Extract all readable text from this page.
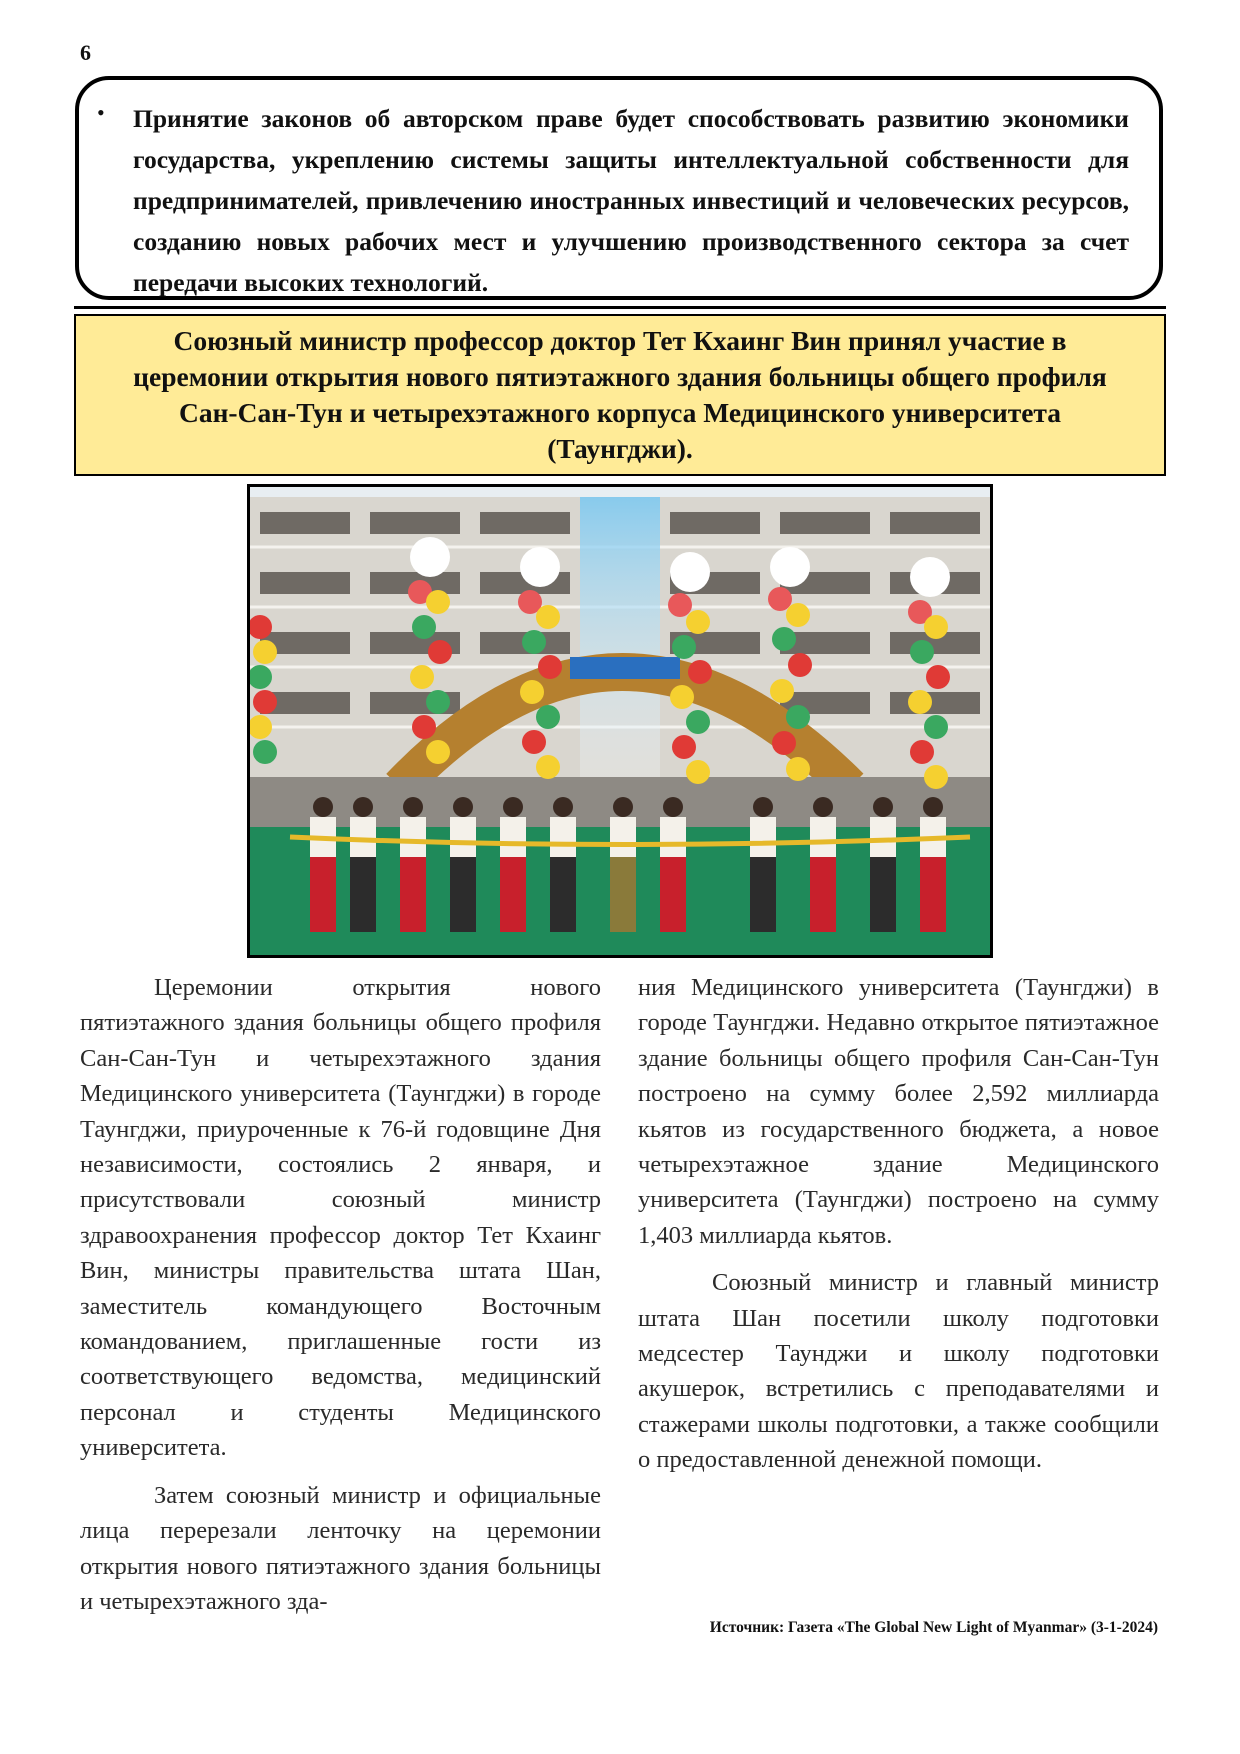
6
• Принятие законов об авторском праве будет способствовать развитию экономики государства, укреплению системы защиты интеллектуальной собственности для предпринимателей, привлечению иностранных инвестиций и человеческих ресурсов, созданию новых рабочих мест и улучшению производственного сектора за счет передачи высоких технологий.

Союзный министр профессор доктор Тет Кхаинг Вин принял участие в церемонии открытия нового пятиэтажного здания больницы общего профиля Сан-Сан-Тун и четырехэтажного корпуса Медицинского университета (Таунгджи).

Церемонии открытия нового пятиэтажного здания больницы общего профиля Сан-Сан-Тун и четырехэтажного здания Медицинского университета (Таунгджи) в городе Таунгджи, приуроченные к 76-й годовщине Дня независимости, состоялись 2 января, и присутствовали союзный министр здравоохранения профессор доктор Тет Кхаинг Вин, министры правительства штата Шан, заместитель командующего Восточным командованием, приглашенные гости из соответствующего ведомства, медицинский персонал и студенты Медицинского университета.

Затем союзный министр и официальные лица перерезали ленточку на церемонии открытия нового пятиэтажного здания больницы и четырехэтажного зда-

ния Медицинского университета (Таунгджи) в городе Таунгджи. Недавно открытое пятиэтажное здание больницы общего профиля Сан-Сан-Тун построено на сумму более 2,592 миллиарда кьятов из государственного бюджета, а новое четырехэтажное здание Медицинского университета (Таунгджи) построено на сумму 1,403 миллиарда кьятов.

Союзный министр и главный министр штата Шан посетили школу подготовки медсестер Таунджи и школу подготовки акушерок, встретились с преподавателями и стажерами школы подготовки, а также сообщили о предоставленной денежной помощи.

Источник: Газета «The Global New Light of Myanmar» (3-1-2024)
